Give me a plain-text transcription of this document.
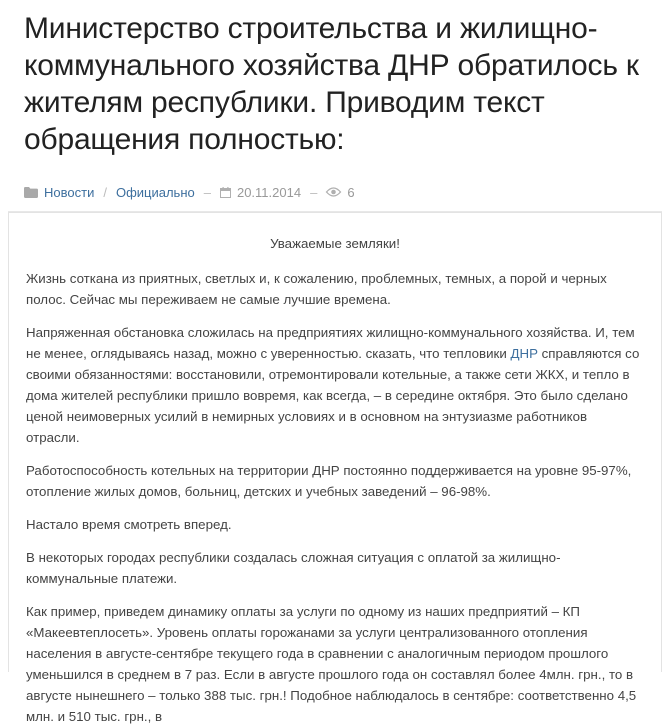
Министерство строительства и жилищно-коммунального хозяйства ДНР обратилось к жителям республики. Приводим текст обращения полностью:
Новости / Официально – 20.11.2014 – 6

Уважаемые земляки!

Жизнь соткана из приятных, светлых и, к сожалению, проблемных, темных, а порой и черных полос. Сейчас мы переживаем не самые лучшие времена.

Напряженная обстановка сложилась на предприятиях жилищно-коммунального хозяйства. И, тем не менее, оглядываясь назад, можно с уверенностью. сказать, что тепловики ДНР справляются со своими обязанностями: восстановили, отремонтировали котельные, а также сети ЖКХ, и тепло в дома жителей республики пришло вовремя, как всегда, – в середине октября. Это было сделано ценой неимоверных усилий в немирных условиях и в основном на энтузиазме работников отрасли.

Работоспособность котельных на территории ДНР постоянно поддерживается на уровне 95-97%, отопление жилых домов, больниц, детских и учебных заведений – 96-98%.

Настало время смотреть вперед.

В некоторых городах республики создалась сложная ситуация с оплатой за жилищно-коммунальные платежи.

Как пример, приведем динамику оплаты за услуги по одному из наших предприятий – КП «Макеевтеплосеть». Уровень оплаты горожанами за услуги централизованного отопления населения в августе-сентябре текущего года в сравнении с аналогичным периодом прошлого уменьшился в среднем в 7 раз. Если в августе прошлого года он составлял более 4млн. грн., то в августе нынешнего – только 388 тыс. грн.! Подобное наблюдалось в сентябре: соответственно 4,5 млн. и 510 тыс. грн., в
